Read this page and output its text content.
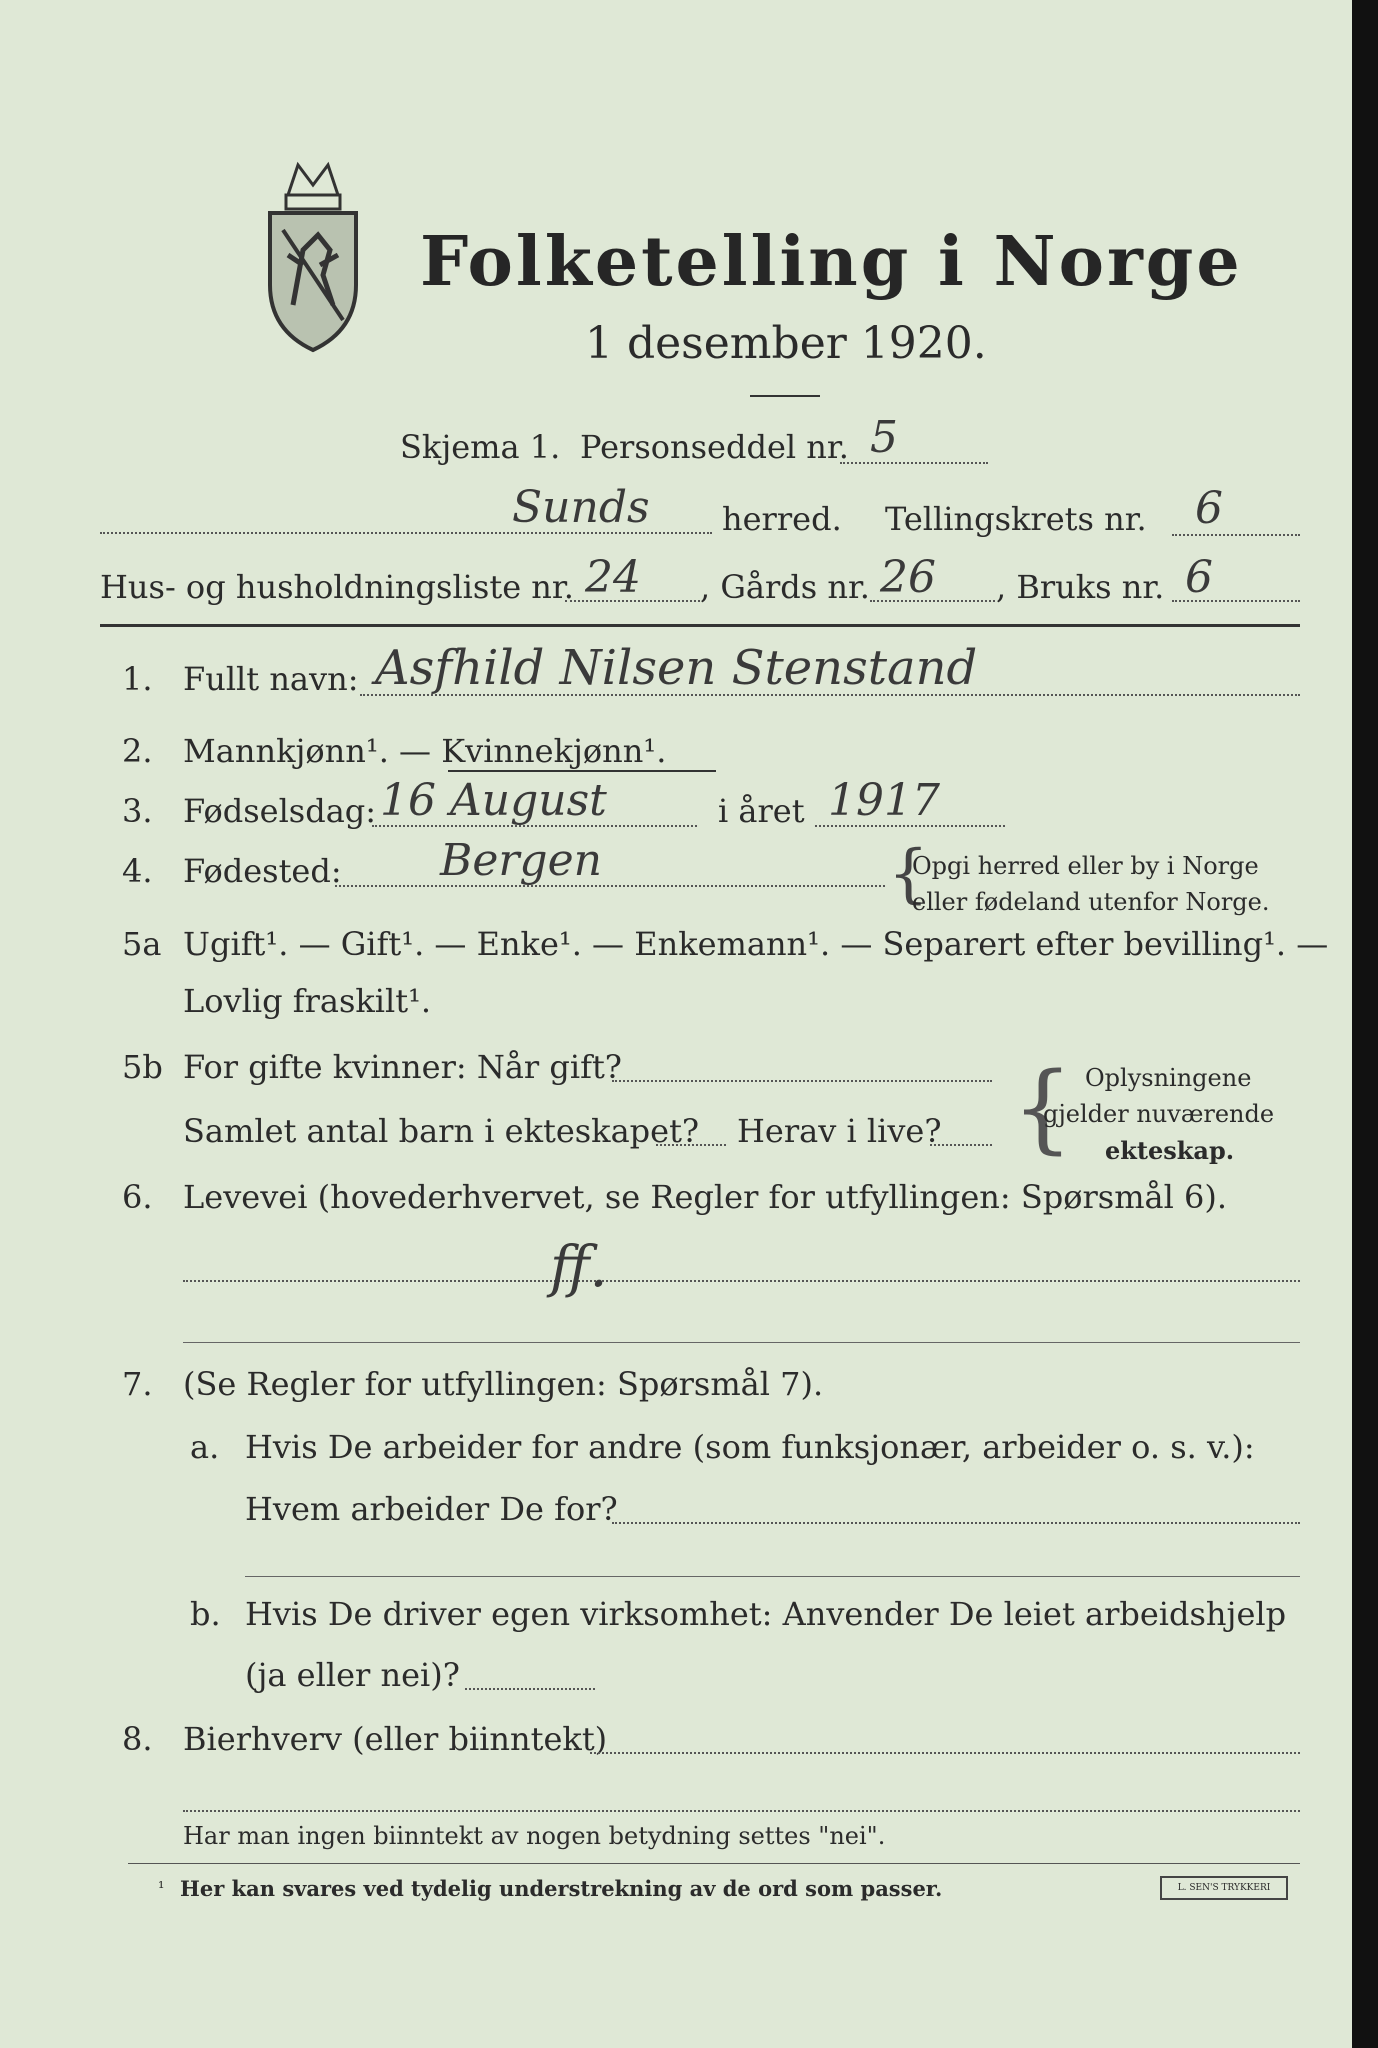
Folketelling i Norge
1 desember 1920.
Skjema 1. Personseddel nr. 5
Sunds herred. Tellingskrets nr. 6
Hus- og husholdningsliste nr. 24 , Gårds nr. 26 , Bruks nr. 6
1. Fullt navn: Asfhild Nilsen Stenstand
2. Mannkjønn¹. — Kvinnekjønn¹.
3. Fødselsdag: 16 August	i året 1917
4. Fødested: Bergen	{
Opgi herred eller by i Norge
eller fødeland utenfor Norge.
5a Ugift¹. — Gift¹. — Enke¹. — Enkemann¹. — Separert efter bevilling¹. —
Lovlig fraskilt¹.
5b For gifte kvinner: Når gift?
Samlet antal barn i ekteskapet? Herav i live? { Oplysningene
gjelder nuværende
ekteskap.
6. Levevei (hovederhvervet, se Regler for utfyllingen: Spørsmål 6).
ff.
7. (Se Regler for utfyllingen: Spørsmål 7).
a. Hvis De arbeider for andre (som funksjonær, arbeider o. s. v.):
Hvem arbeider De for?
b. Hvis De driver egen virksomhet: Anvender De leiet arbeidshjelp
(ja eller nei)?
8. Bierhverv (eller biinntekt)
Har man ingen biinntekt av nogen betydning settes "nei".
¹ Her kan svares ved tydelig understrekning av de ord som passer.	L. SEN'S TRYKKERI
